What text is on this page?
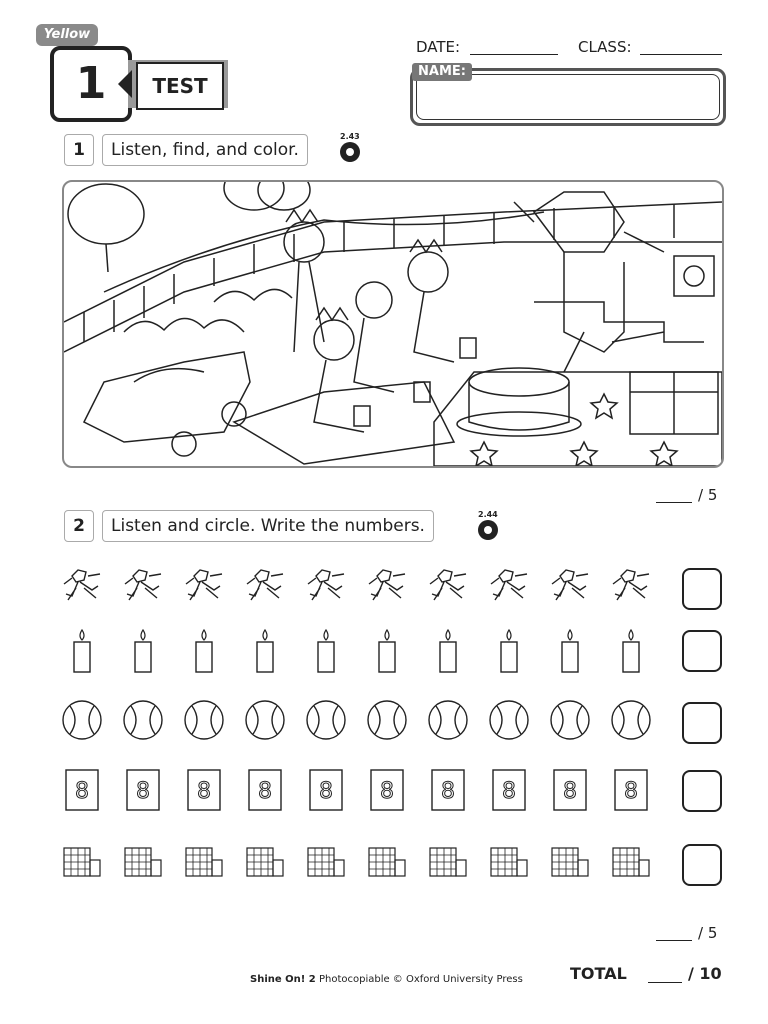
Yellow
1	TEST
DATE:	CLASS:
NAME:
1	Listen, find, and color.
2.43
/ 5
2	Listen and circle. Write the numbers.
2.44
8 8 8 8 8 8 8 8 8 8
/ 5
Shine On! 2 Photocopiable © Oxford University Press	TOTAL	/ 10
